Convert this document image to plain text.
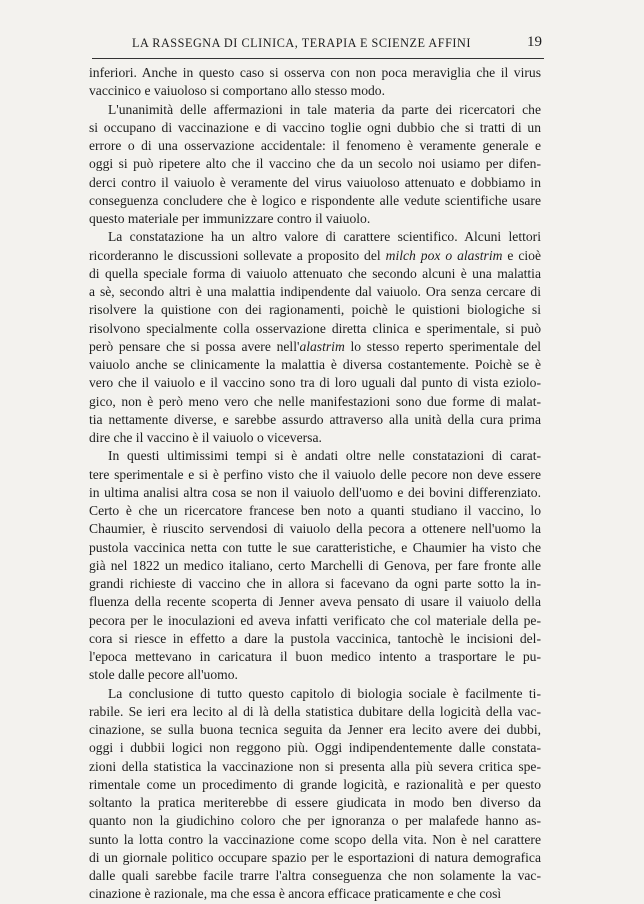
LA RASSEGNA DI CLINICA, TERAPIA E SCIENZE AFFINI	19
inferiori. Anche in questo caso si osserva con non poca meraviglia che il virus
vaccinico e vaiuoloso si comportano allo stesso modo.
L'unanimità delle affermazioni in tale materia da parte dei ricercatori che
si occupano di vaccinazione e di vaccino toglie ogni dubbio che si tratti di un
errore o di una osservazione accidentale: il fenomeno è veramente generale e
oggi si può ripetere alto che il vaccino che da un secolo noi usiamo per difen-
derci contro il vaiuolo è veramente del virus vaiuoloso attenuato e dobbiamo in
conseguenza concludere che è logico e rispondente alle vedute scientifiche usare
questo materiale per immunizzare contro il vaiuolo.
La constatazione ha un altro valore di carattere scientifico. Alcuni lettori
ricorderanno le discussioni sollevate a proposito del milch pox o alastrim e cioè
di quella speciale forma di vaiuolo attenuato che secondo alcuni è una malattia
a sè, secondo altri è una malattia indipendente dal vaiuolo. Ora senza cercare di
risolvere la quistione con dei ragionamenti, poichè le quistioni biologiche si
risolvono specialmente colla osservazione diretta clinica e sperimentale, si può
però pensare che si possa avere nell'alastrim lo stesso reperto sperimentale del
vaiuolo anche se clinicamente la malattia è diversa costantemente. Poichè se è
vero che il vaiuolo e il vaccino sono tra di loro uguali dal punto di vista eziolo-
gico, non è però meno vero che nelle manifestazioni sono due forme di malat-
tia nettamente diverse, e sarebbe assurdo attraverso alla unità della cura prima
dire che il vaccino è il vaiuolo o viceversa.
In questi ultimissimi tempi si è andati oltre nelle constatazioni di carat-
tere sperimentale e si è perfino visto che il vaiuolo delle pecore non deve essere
in ultima analisi altra cosa se non il vaiuolo dell'uomo e dei bovini differenziato.
Certo è che un ricercatore francese ben noto a quanti studiano il vaccino, lo
Chaumier, è riuscito servendosi di vaiuolo della pecora a ottenere nell'uomo la
pustola vaccinica netta con tutte le sue caratteristiche, e Chaumier ha visto che
già nel 1822 un medico italiano, certo Marchelli di Genova, per fare fronte alle
grandi richieste di vaccino che in allora si facevano da ogni parte sotto la in-
fluenza della recente scoperta di Jenner aveva pensato di usare il vaiuolo della
pecora per le inoculazioni ed aveva infatti verificato che col materiale della pe-
cora si riesce in effetto a dare la pustola vaccinica, tantochè le incisioni del-
l'epoca mettevano in caricatura il buon medico intento a trasportare le pu-
stole dalle pecore all'uomo.
La conclusione di tutto questo capitolo di biologia sociale è facilmente ti-
rabile. Se ieri era lecito al di là della statistica dubitare della logicità della vac-
cinazione, se sulla buona tecnica seguita da Jenner era lecito avere dei dubbi,
oggi i dubbii logici non reggono più. Oggi indipendentemente dalle constata-
zioni della statistica la vaccinazione non si presenta alla più severa critica spe-
rimentale come un procedimento di grande logicità, e razionalità e per questo
soltanto la pratica meriterebbe di essere giudicata in modo ben diverso da
quanto non la giudichino coloro che per ignoranza o per malafede hanno as-
sunto la lotta contro la vaccinazione come scopo della vita. Non è nel carattere
di un giornale politico occupare spazio per le esportazioni di natura demografica
dalle quali sarebbe facile trarre l'altra conseguenza che non solamente la vac-
cinazione è razionale, ma che essa è ancora efficace praticamente e che così
